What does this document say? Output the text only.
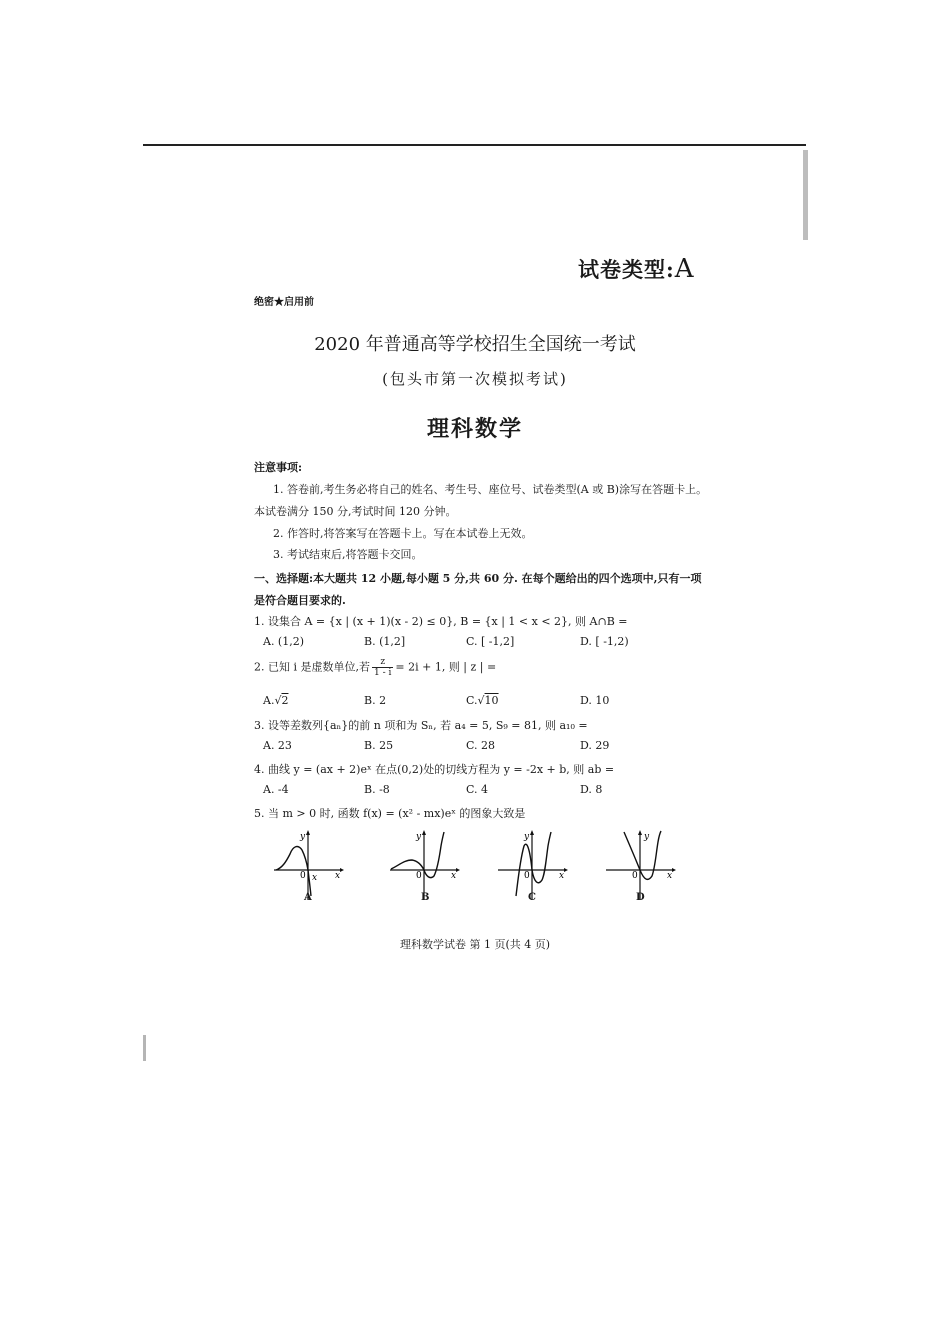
试卷类型:A
绝密★启用前
2020 年普通高等学校招生全国统一考试
(包头市第一次模拟考试)
理科数学
注意事项:
1. 答卷前,考生务必将自己的姓名、考生号、座位号、试卷类型(A 或 B)涂写在答题卡上。
本试卷满分 150 分,考试时间 120 分钟。
2. 作答时,将答案写在答题卡上。写在本试卷上无效。
3. 考试结束后,将答题卡交回。
一、选择题:本大题共 12 小题,每小题 5 分,共 60 分. 在每个题给出的四个选项中,只有一项
是符合题目要求的.
1. 设集合 A = {x | (x + 1)(x - 2) ≤ 0}, B = {x | 1 < x < 2}, 则 A∩B =
A. (1,2)	B. (1,2]	C. [ -1,2]	D. [ -1,2)
2. 已知 i 是虚数单位,若 $\frac{z}{1 - i} = 2i + 1$, 则 | z | =
A.√2	B. 2	C.√10	D. 10
3. 设等差数列{aₙ}的前 n 项和为 Sₙ, 若 a₄ = 5, S₉ = 81, 则 a₁₀ =
A. 23	B. 25	C. 28	D. 29
4. 曲线 y = (ax + 2)eˣ 在点(0,2)处的切线方程为 y = -2x + b, 则 ab =
A. -4	B. -8	C. 4	D. 8
5. 当 m > 0 时, 函数 f(x) = (x² - mx)eˣ 的图象大致是
x x
y
0
A
x
y
0
B
x
y
0
C
x
y
0
D
理科数学试卷 第 1 页(共 4 页)
